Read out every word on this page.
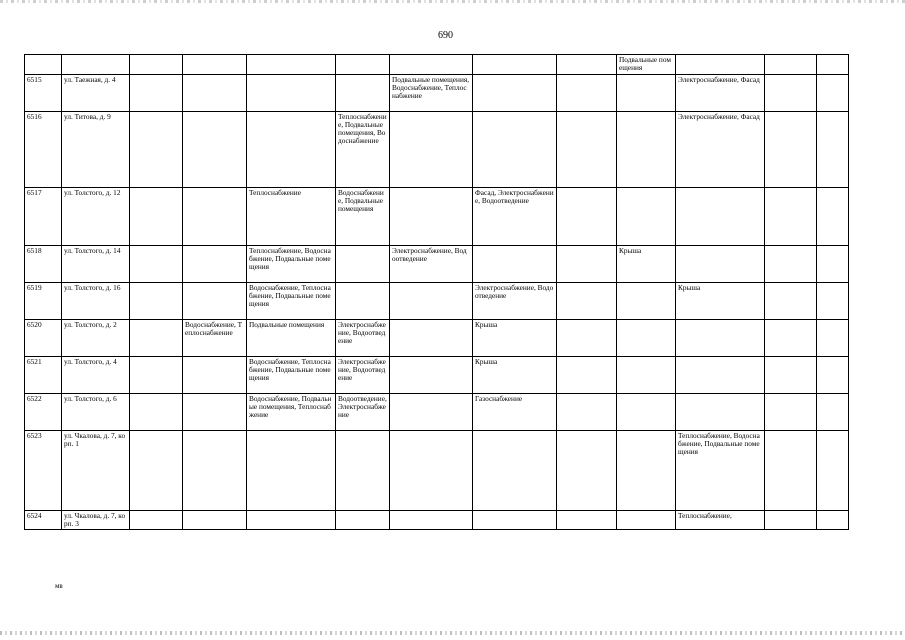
690
									Подвальные помещения			
6515	ул. Таежная, д. 4					Подвальные помещения, Водоснабжение, Теплоснабжение				Электроснабжение, Фасад		
6516	ул. Титова, д. 9				Теплоснабжение, Подвальные помещения, Водоснабжение					Электроснабжение, Фасад		
6517	ул. Толстого, д. 12			Теплоснабжение	Водоснабжение, Подвальные помещения		Фасад, Электроснабжение, Водоотведение					
6518	ул. Толстого, д. 14			Теплоснабжение, Водоснабжение, Подвальные помещения		Электроснабжение, Водоотведение			Крыша			
6519	ул. Толстого, д. 16			Водоснабжение, Теплоснабжение, Подвальные помещения			Электроснабжение, Водоотведение			Крыша		
6520	ул. Толстого, д. 2		Водоснабжение, Теплоснабжение	Подвальные помещения	Электроснабжение, Водоотведение		Крыша					
6521	ул. Толстого, д. 4			Водоснабжение, Теплоснабжение, Подвальные помещения	Электроснабжение, Водоотведение		Крыша					
6522	ул. Толстого, д. 6			Водоснабжение, Подвальные помещения, Теплоснабжение	Водоотведение, Электроснабжение		Газоснабжение					
6523	ул. Чкалова, д. 7, корп. 1									Теплоснабжение, Водоснабжение, Подвальные помещения		
6524	ул. Чкалова, д. 7, корп. 3									Теплоснабжение,		
мв
